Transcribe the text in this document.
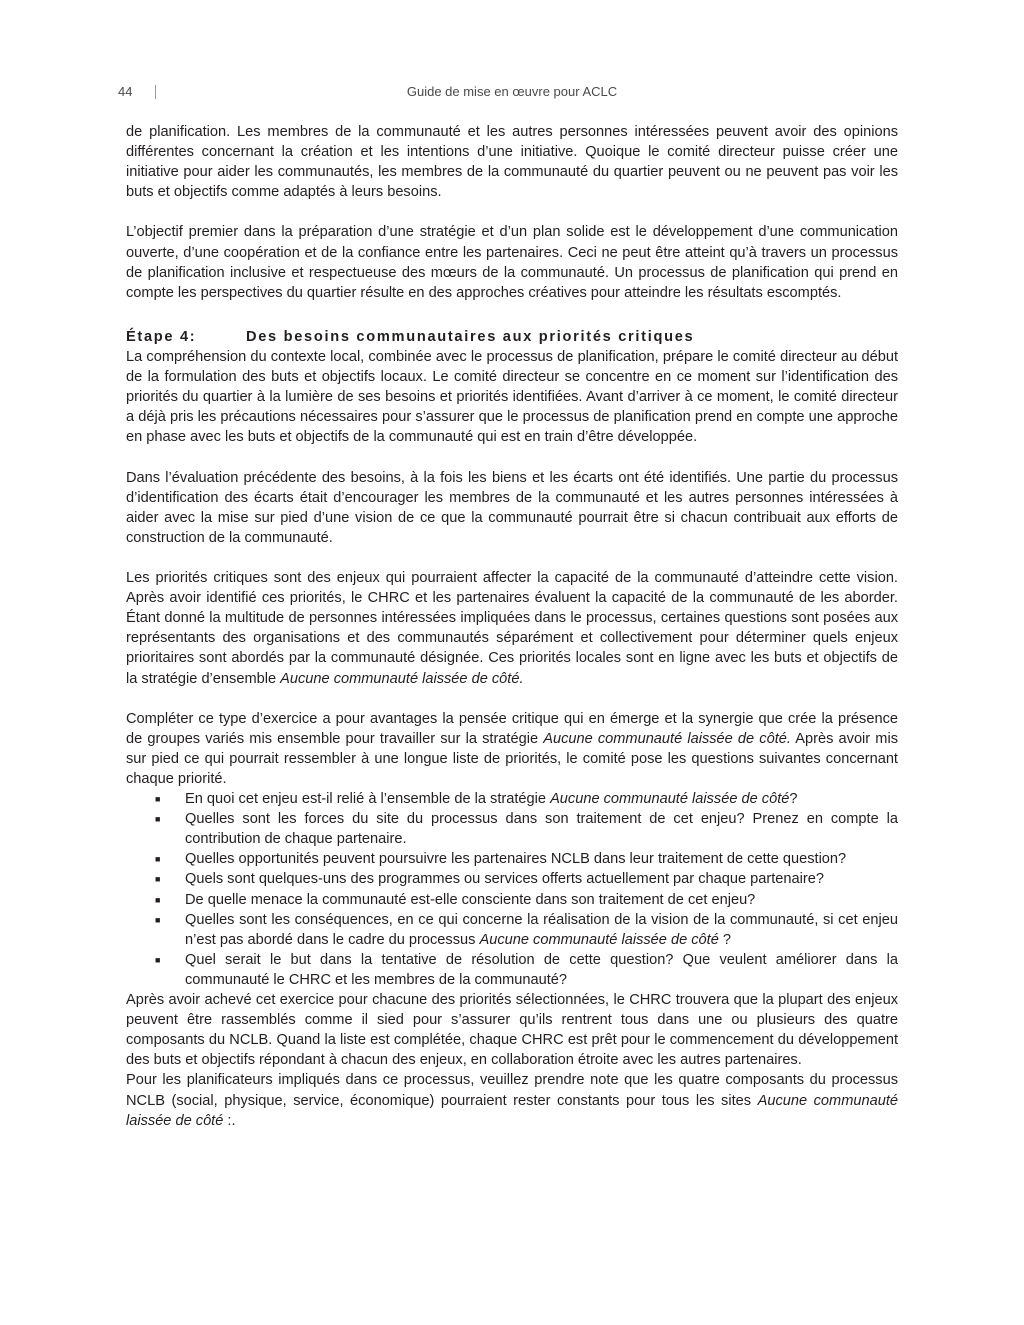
44	Guide de mise en œuvre pour ACLC

de planification. Les membres de la communauté et les autres personnes intéressées peuvent avoir des opinions différentes concernant la création et les intentions d’une initiative. Quoique le comité directeur puisse créer une initiative pour aider les communautés, les membres de la communauté du quartier peuvent ou ne peuvent pas voir les buts et objectifs comme adaptés à leurs besoins.

L’objectif premier dans la préparation d’une stratégie et d’un plan solide est le développement d’une communication ouverte, d’une coopération et de la confiance entre les partenaires. Ceci ne peut être atteint qu’à travers un processus de planification inclusive et respectueuse des mœurs de la communauté. Un processus de planification qui prend en compte les perspectives du quartier résulte en des approches créatives pour atteindre les résultats escomptés.

Étape 4:	Des besoins communautaires aux priorités critiques

La compréhension du contexte local, combinée avec le processus de planification, prépare le comité directeur au début de la formulation des buts et objectifs locaux. Le comité directeur se concentre en ce moment sur l’identification des priorités du quartier à la lumière de ses besoins et priorités identifiées. Avant d’arriver à ce moment, le comité directeur a déjà pris les précautions nécessaires pour s’assurer que le processus de planification prend en compte une approche en phase avec les buts et objectifs de la communauté qui est en train d’être développée.

Dans l’évaluation précédente des besoins, à la fois les biens et les écarts ont été identifiés. Une partie du processus d’identification des écarts était d’encourager les membres de la communauté et les autres personnes intéressées à aider avec la mise sur pied d’une vision de ce que la communauté pourrait être si chacun contribuait aux efforts de construction de la communauté.

Les priorités critiques sont des enjeux qui pourraient affecter la capacité de la communauté d’atteindre cette vision. Après avoir identifié ces priorités, le CHRC et les partenaires évaluent la capacité de la communauté de les aborder. Étant donné la multitude de personnes intéressées impliquées dans le processus, certaines questions sont posées aux représentants des organisations et des communautés séparément et collectivement pour déterminer quels enjeux prioritaires sont abordés par la communauté désignée. Ces priorités locales sont en ligne avec les buts et objectifs de la stratégie d’ensemble Aucune communauté laissée de côté.

Compléter ce type d’exercice a pour avantages la pensée critique qui en émerge et la synergie que crée la présence de groupes variés mis ensemble pour travailler sur la stratégie Aucune communauté laissée de côté. Après avoir mis sur pied ce qui pourrait ressembler à une longue liste de priorités, le comité pose les questions suivantes concernant chaque priorité.

■ En quoi cet enjeu est-il relié à l’ensemble de la stratégie Aucune communauté laissée de côté?
■ Quelles sont les forces du site du processus dans son traitement de cet enjeu? Prenez en compte la contribution de chaque partenaire.
■ Quelles opportunités peuvent poursuivre les partenaires NCLB dans leur traitement de cette question?
■ Quels sont quelques-uns des programmes ou services offerts actuellement par chaque partenaire?
■ De quelle menace la communauté est-elle consciente dans son traitement de cet enjeu?
■ Quelles sont les conséquences, en ce qui concerne la réalisation de la vision de la communauté, si cet enjeu n’est pas abordé dans le cadre du processus Aucune communauté laissée de côté ?
■ Quel serait le but dans la tentative de résolution de cette question? Que veulent améliorer dans la communauté le CHRC et les membres de la communauté?

Après avoir achevé cet exercice pour chacune des priorités sélectionnées, le CHRC trouvera que la plupart des enjeux peuvent être rassemblés comme il sied pour s’assurer qu’ils rentrent tous dans une ou plusieurs des quatre composants du NCLB. Quand la liste est complétée, chaque CHRC est prêt pour le commencement du développement des buts et objectifs répondant à chacun des enjeux, en collaboration étroite avec les autres partenaires.

Pour les planificateurs impliqués dans ce processus, veuillez prendre note que les quatre composants du processus NCLB (social, physique, service, économique) pourraient rester constants pour tous les sites Aucune communauté laissée de côté :.
